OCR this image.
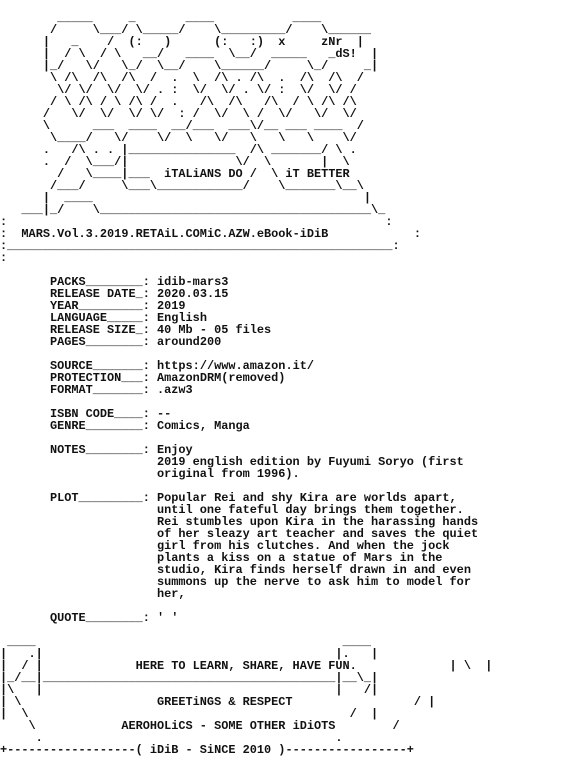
_____     _       ____           ____
/     \___/ \_____/    \_________/    \______
|   _    /  (:   )      (:   :)  x     zNr  |
|  / \  / \   __/   ____  \__/  _____   _dS!  |
|_/   \/   \_/  \__/    \______/     \_/     _|
\ /\  /\  /\  /  .  \  /\ . /\  .  /\  /\  /
\/ \/  \/  \/ . :  \/  \/ . \/ :  \/  \/ /
/ \ /\ / \ /\ /  .   /\  /\   /\  / \ /\ /\
/   \/  \/  \/ \/  : /  \/  \ /  \/   \/  \/
\      ___  ____  __/___  ___\/__ ___ ____  /
\____/   \/    \/  \   \/   \   \   \    \/
.   /\ . . |_______________  /\ _______/ \ .
.  /  \___/|               \/  \       |  \
/   \____|___  iTALiANS DO /  \ iT BETTER
/___/     \___\____________/    \_______\__\
|  ____                                      |
___|_/    \______________________________________\_
:                                                     :
:  MARS.Vol.3.2019.RETAiL.COMiC.AZW.eBook-iDiB            :
:______________________________________________________:
:

PACKS________: idib-mars3
RELEASE DATE_: 2020.03.15
YEAR_________: 2019
LANGUAGE_____: English
RELEASE SIZE_: 40 Mb - 05 files
PAGES________: around200

SOURCE_______: https://www.amazon.it/
PROTECTION___: AmazonDRM(removed)
FORMAT_______: .azw3

ISBN CODE____: --
GENRE________: Comics, Manga

NOTES________: Enjoy
2019 english edition by Fuyumi Soryo (first
original from 1996).

PLOT_________: Popular Rei and shy Kira are worlds apart,
until one fateful day brings them together.
Rei stumbles upon Kira in the harassing hands
of her sleazy art teacher and saves the quiet
girl from his clutches. And when the jock
plants a kiss on a statue of Mars in the
studio, Kira finds herself drawn in and even
summons up the nerve to ask him to model for
her,

QUOTE________: ' '

____                                           ____
|   .|                                         |.   |
|  / |             HERE TO LEARN, SHARE, HAVE FUN.             | \  |
|_/__|_________________________________________|__\_|
|\   |                                         |   /|
| \                   GREETiNGS & RESPECT                 / |
|  \                                             /  |
\            AEROHOLiCS - SOME OTHER iDiOTS        /
.                                         .
+------------------( iDiB - SiNCE 2010 )-----------------+
